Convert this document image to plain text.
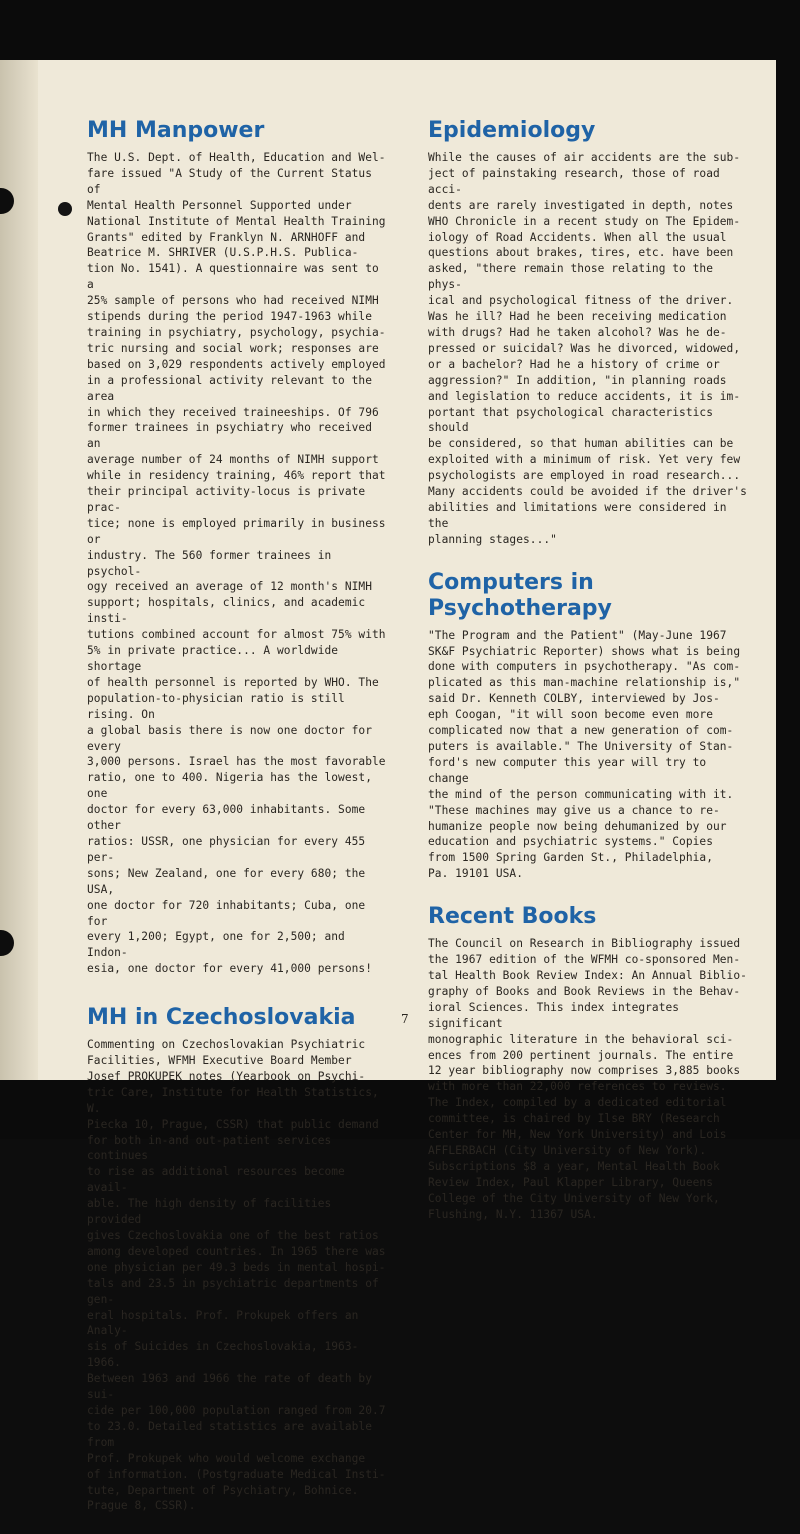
MH Manpower

The U.S. Dept. of Health, Education and Wel-
fare issued "A Study of the Current Status of
Mental Health Personnel Supported under
National Institute of Mental Health Training
Grants" edited by Franklyn N. ARNHOFF and
Beatrice M. SHRIVER (U.S.P.H.S. Publica-
tion No. 1541). A questionnaire was sent to a
25% sample of persons who had received NIMH
stipends during the period 1947-1963 while
training in psychiatry, psychology, psychia-
tric nursing and social work; responses are
based on 3,029 respondents actively employed
in a professional activity relevant to the area
in which they received traineeships. Of 796
former trainees in psychiatry who received an
average number of 24 months of NIMH support
while in residency training, 46% report that
their principal activity-locus is private prac-
tice; none is employed primarily in business or
industry. The 560 former trainees in psychol-
ogy received an average of 12 month's NIMH
support; hospitals, clinics, and academic insti-
tutions combined account for almost 75% with
5% in private practice... A worldwide shortage
of health personnel is reported by WHO. The
population-to-physician ratio is still rising. On
a global basis there is now one doctor for every
3,000 persons. Israel has the most favorable
ratio, one to 400. Nigeria has the lowest, one
doctor for every 63,000 inhabitants. Some other
ratios: USSR, one physician for every 455 per-
sons; New Zealand, one for every 680; the USA,
one doctor for 720 inhabitants; Cuba, one for
every 1,200; Egypt, one for 2,500; and Indon-
esia, one doctor for every 41,000 persons!

MH in Czechoslovakia

Commenting on Czechoslovakian Psychiatric
Facilities, WFMH Executive Board Member
Josef PROKUPEK notes (Yearbook on Psychi-
tric Care, Institute for Health Statistics, W.
Piecka 10, Prague, CSSR) that public demand
for both in-and out-patient services continues
to rise as additional resources become avail-
able. The high density of facilities provided
gives Czechoslovakia one of the best ratios
among developed countries. In 1965 there was
one physician per 49.3 beds in mental hospi-
tals and 23.5 in psychiatric departments of gen-
eral hospitals. Prof. Prokupek offers an Analy-
sis of Suicides in Czechoslovakia, 1963-1966.
Between 1963 and 1966 the rate of death by sui-
cide per 100,000 population ranged from 20.7
to 23.0. Detailed statistics are available from
Prof. Prokupek who would welcome exchange
of information. (Postgraduate Medical Insti-
tute, Department of Psychiatry, Bohnice.
Prague 8, CSSR).

Epidemiology

While the causes of air accidents are the sub-
ject of painstaking research, those of road acci-
dents are rarely investigated in depth, notes
WHO Chronicle in a recent study on The Epidem-
iology of Road Accidents. When all the usual
questions about brakes, tires, etc. have been
asked, "there remain those relating to the phys-
ical and psychological fitness of the driver.
Was he ill? Had he been receiving medication
with drugs? Had he taken alcohol? Was he de-
pressed or suicidal? Was he divorced, widowed,
or a bachelor? Had he a history of crime or
aggression?" In addition, "in planning roads
and legislation to reduce accidents, it is im-
portant that psychological characteristics should
be considered, so that human abilities can be
exploited with a minimum of risk. Yet very few
psychologists are employed in road research...
Many accidents could be avoided if the driver's
abilities and limitations were considered in the
planning stages..."

Computers in Psychotherapy

"The Program and the Patient" (May-June 1967
SK&F Psychiatric Reporter) shows what is being
done with computers in psychotherapy. "As com-
plicated as this man-machine relationship is,"
said Dr. Kenneth COLBY, interviewed by Jos-
eph Coogan, "it will soon become even more
complicated now that a new generation of com-
puters is available." The University of Stan-
ford's new computer this year will try to change
the mind of the person communicating with it.
"These machines may give us a chance to re-
humanize people now being dehumanized by our
education and psychiatric systems." Copies
from 1500 Spring Garden St., Philadelphia,
Pa. 19101 USA.

Recent Books

The Council on Research in Bibliography issued
the 1967 edition of the WFMH co-sponsored Men-
tal Health Book Review Index: An Annual Biblio-
graphy of Books and Book Reviews in the Behav-
ioral Sciences. This index integrates significant
monographic literature in the behavioral sci-
ences from 200 pertinent journals. The entire
12 year bibliography now comprises 3,885 books
with more than 22,000 references to reviews.
The Index, compiled by a dedicated editorial
committee, is chaired by Ilse BRY (Research
Center for MH, New York University) and Lois
AFFLERBACH (City University of New York).
Subscriptions $8 a year, Mental Health Book
Review Index, Paul Klapper Library, Queens
College of the City University of New York,
Flushing, N.Y. 11367 USA.

7
